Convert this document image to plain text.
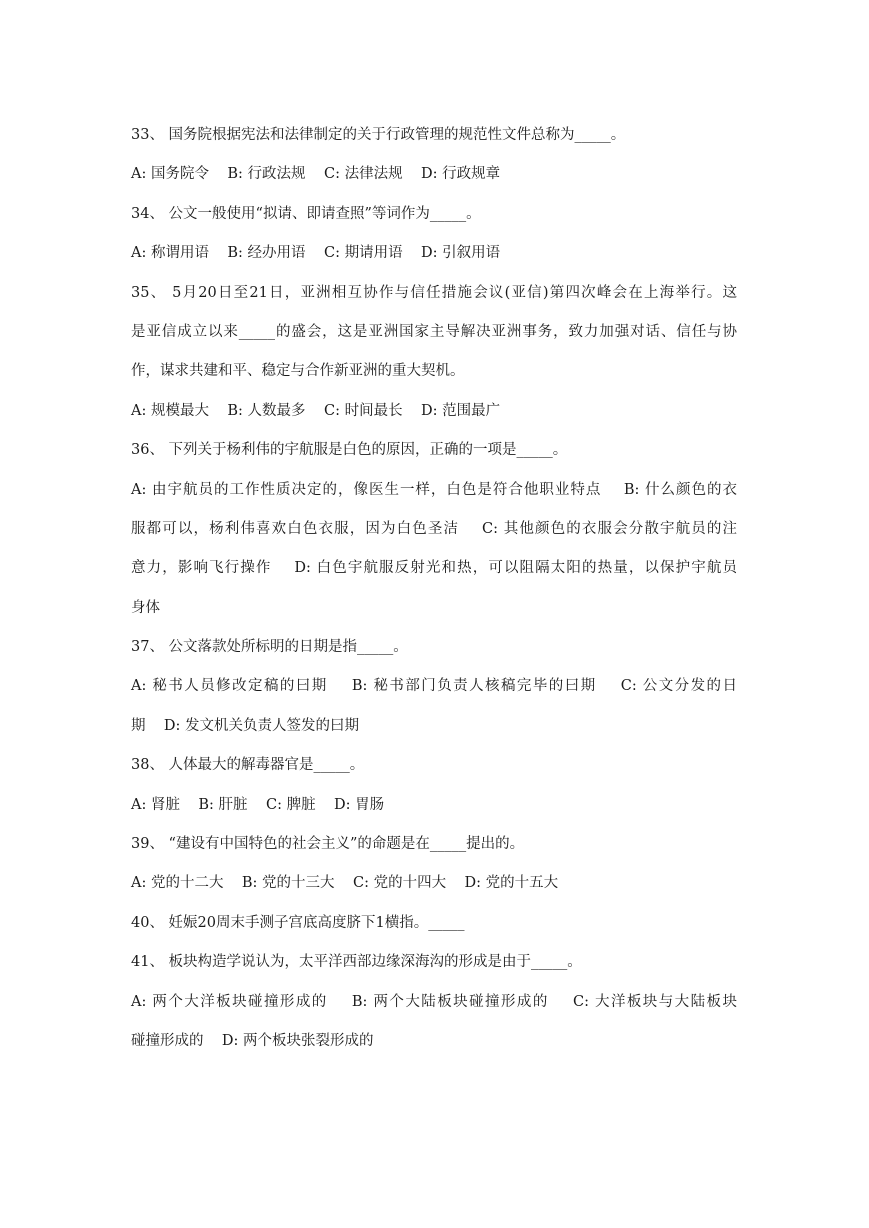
33、 国务院根据宪法和法律制定的关于行政管理的规范性文件总称为_____。
A: 国务院令    B: 行政法规    C: 法律法规    D: 行政规章
34、 公文一般使用“拟请、即请查照”等词作为_____。
A: 称谓用语    B: 经办用语    C: 期请用语    D: 引叙用语
35、 5月20日至21日，亚洲相互协作与信任措施会议(亚信)第四次峰会在上海举行。这
是亚信成立以来_____的盛会，这是亚洲国家主导解决亚洲事务，致力加强对话、信任与协
作，谋求共建和平、稳定与合作新亚洲的重大契机。
A: 规模最大    B: 人数最多    C: 时间最长    D: 范围最广
36、 下列关于杨利伟的宇航服是白色的原因，正确的一项是_____。
A: 由宇航员的工作性质决定的，像医生一样，白色是符合他职业特点    B: 什么颜色的衣
服都可以，杨利伟喜欢白色衣服，因为白色圣洁    C: 其他颜色的衣服会分散宇航员的注
意力，影响飞行操作    D: 白色宇航服反射光和热，可以阻隔太阳的热量，以保护宇航员
身体
37、 公文落款处所标明的日期是指_____。
A: 秘书人员修改定稿的曰期    B: 秘书部门负责人核稿完毕的曰期    C: 公文分发的日
期    D: 发文机关负责人签发的曰期
38、 人体最大的解毒器官是_____。
A: 肾脏    B: 肝脏    C: 脾脏    D: 胃肠
39、 “建设有中国特色的社会主义”的命题是在_____提出的。
A: 党的十二大    B: 党的十三大    C: 党的十四大    D: 党的十五大
40、 妊娠20周末手测子宫底高度脐下1横指。_____
41、 板块构造学说认为，太平洋西部边缘深海沟的形成是由于_____。
A: 两个大洋板块碰撞形成的    B: 两个大陆板块碰撞形成的    C: 大洋板块与大陆板块
碰撞形成的    D: 两个板块张裂形成的
